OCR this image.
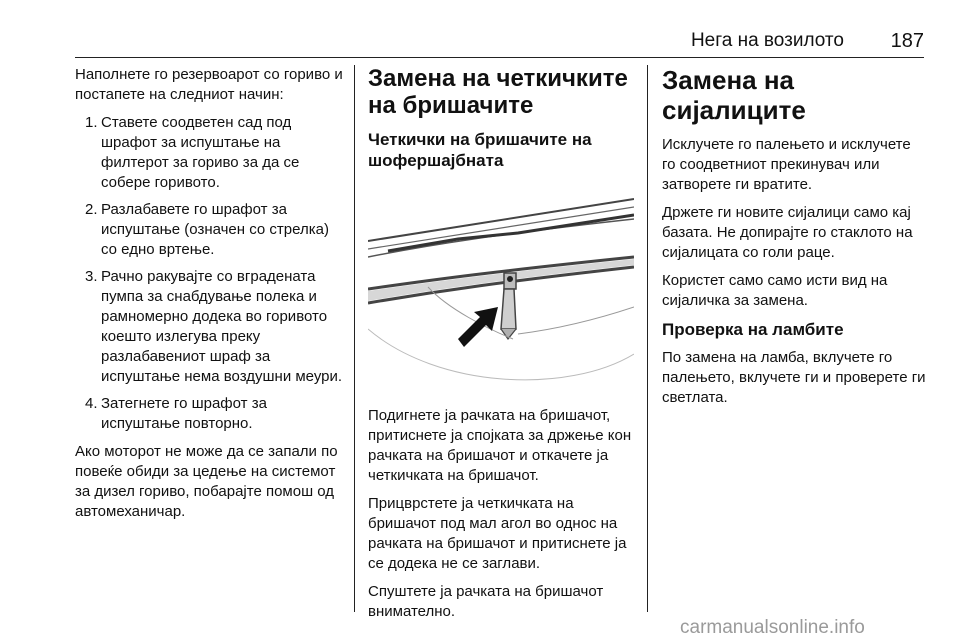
Нега на возилото 187

Наполнете го резервоарот со гориво и постапете на следниот начин:

1. Ставете соодветен сад под шрафот за испуштање на филтерот за гориво за да се собере горивото.
2. Разлабавете го шрафот за испуштање (означен со стрелка) со едно вртење.
3. Рачно ракувајте со вградената пумпа за снабдување полека и рамномерно додека во горивото коешто излегува преку разлабавениот шраф за испуштање нема воздушни меури.
4. Затегнете го шрафот за испуштање повторно.

Ако моторот не може да се запали по повеќе обиди за цедење на системот за дизел гориво, побарајте помош од автомеханичар.

Замена на четкичките на бришачите
Четкички на бришачите на шофершајбната

Подигнете ја рачката на бришачот, притиснете ја спојката за држење кон рачката на бришачот и откачете ја четкичката на бришачот.

Прицврстете ја четкичката на бришачот под мал агол во однос на рачката на бришачот и притиснете ја се додека не се заглави.

Спуштете ја рачката на бришачот внимателно.

Замена на сијалиците

Исклучете го палењето и исклучете го соодветниот прекинувач или затворете ги вратите.

Држете ги новите сијалици само кај базата. Не допирајте го стаклото на сијалицата со голи раце.

Користет само само исти вид на сијаличка за замена.

Проверка на ламбите

По замена на ламба, вклучете го палењето, вклучете ги и проверете ги светлата.

carmanualsonline.info
